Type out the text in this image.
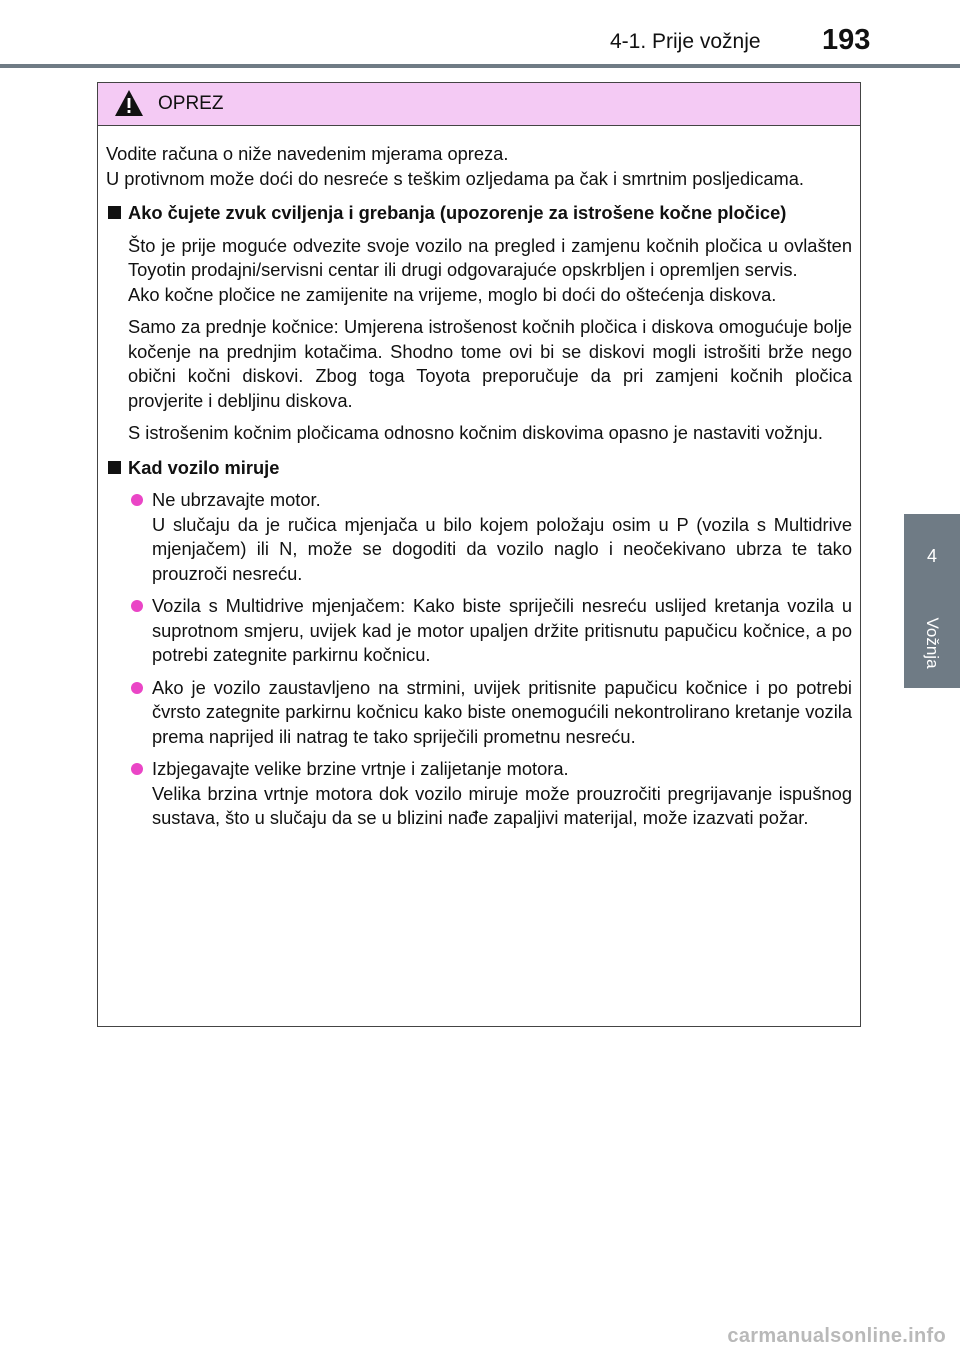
4-1. Prije vožnje	193
4
Vožnja
OPREZ

Vodite računa o niže navedenim mjerama opreza.
U protivnom može doći do nesreće s teškim ozljedama pa čak i smrtnim posljedicama.

Ako čujete zvuk cviljenja i grebanja (upozorenje za istrošene kočne pločice)

Što je prije moguće odvezite svoje vozilo na pregled i zamjenu kočnih pločica u ovlašten Toyotin prodajni/servisni centar ili drugi odgovarajuće opskrbljen i opremljen servis.
Ako kočne pločice ne zamijenite na vrijeme, moglo bi doći do oštećenja diskova.

Samo za prednje kočnice: Umjerena istrošenost kočnih pločica i diskova omogućuje bolje kočenje na prednjim kotačima. Shodno tome ovi bi se diskovi mogli istrošiti brže nego obični kočni diskovi. Zbog toga Toyota preporučuje da pri zamjeni kočnih pločica provjerite i debljinu diskova.

S istrošenim kočnim pločicama odnosno kočnim diskovima opasno je nastaviti vožnju.

Kad vozilo miruje
Ne ubrzavajte motor.
U slučaju da je ručica mjenjača u bilo kojem položaju osim u P (vozila s Multidrive mjenjačem) ili N, može se dogoditi da vozilo naglo i neočekivano ubrza te tako prouzroči nesreću.
Vozila s Multidrive mjenjačem: Kako biste spriječili nesreću uslijed kretanja vozila u suprotnom smjeru, uvijek kad je motor upaljen držite pritisnutu papučicu kočnice, a po potrebi zategnite parkirnu kočnicu.
Ako je vozilo zaustavljeno na strmini, uvijek pritisnite papučicu kočnice i po potrebi čvrsto zategnite parkirnu kočnicu kako biste onemogućili nekontrolirano kretanje vozila prema naprijed ili natrag te tako spriječili prometnu nesreću.
Izbjegavajte velike brzine vrtnje i zalijetanje motora.
Velika brzina vrtnje motora dok vozilo miruje može prouzročiti pregrijavanje ispušnog sustava, što u slučaju da se u blizini nađe zapaljivi materijal, može izazvati požar.
carmanualsonline.info
